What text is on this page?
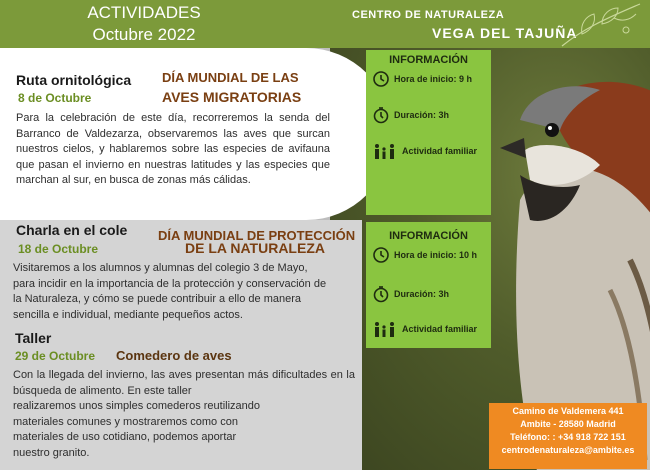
ACTIVIDADES
Octubre 2022
CENTRO DE NATURALEZA
VEGA DEL TAJUÑA
Ruta ornitológica
8 de Octubre
DÍA MUNDIAL DE LAS
AVES MIGRATORIAS
Para la celebración de este día, recorreremos la senda del Barranco de Valdezarza, observaremos las aves que surcan nuestros cielos, y hablaremos sobre las especies de avifauna que pasan el invierno en nuestras latitudes y las especies que marchan al sur, en busca de zonas más cálidas.
Charla en el cole
18 de Octubre
DÍA MUNDIAL DE PROTECCIÓN
DE LA NATURALEZA
Visitaremos a los alumnos y alumnas del colegio 3 de Mayo, para incidir en la importancia de la protección y conservación de la Naturaleza, y cómo se puede contribuir a ello de manera sencilla e individual, mediante pequeños actos.
Taller
29 de Octubre Comedero de aves
Con la llegada del invierno, las aves presentan más dificultades en la búsqueda de alimento. En este taller
realizaremos unos simples comederos reutilizando materiales comunes y mostraremos como con materiales de uso cotidiano, podemos aportar nuestro granito.
INFORMACIÓN
Hora de inicio: 9 h
Duración: 3h
Actividad familiar
INFORMACIÓN
Hora de inicio: 10 h
Duración: 3h
Actividad familiar
Camino de Valdemera 441
Ambite - 28580 Madrid
Teléfono: : +34 918 722 151
centrodenaturaleza@ambite.es
